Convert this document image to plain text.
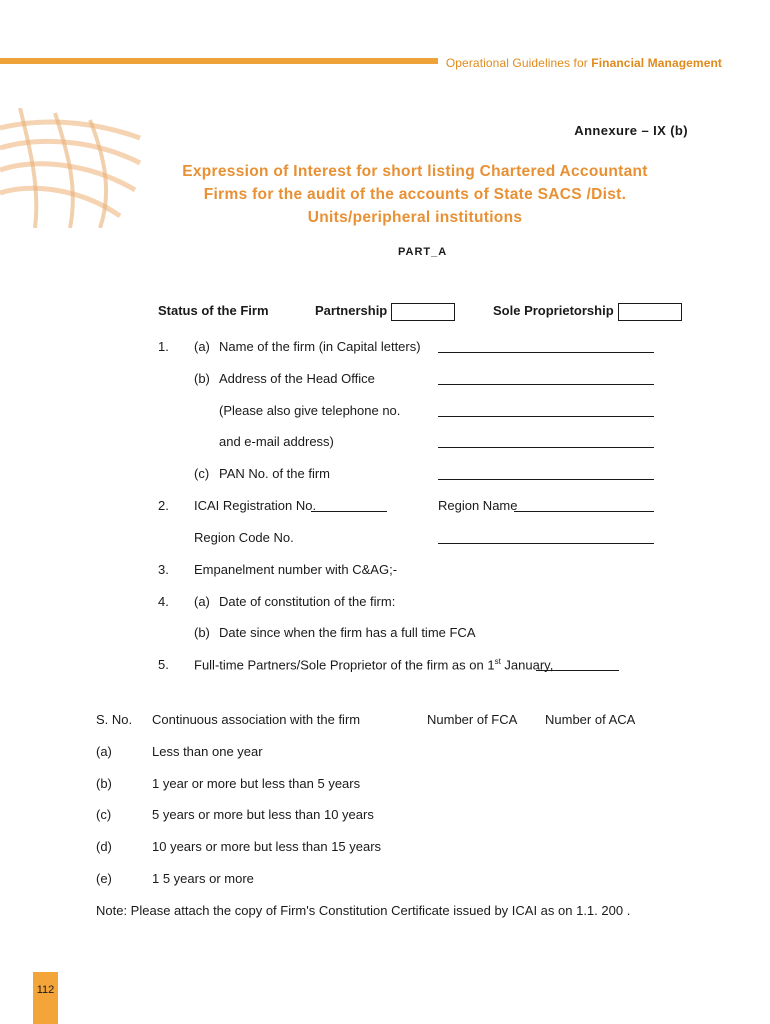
Operational Guidelines for Financial Management
Annexure – IX (b)
Expression of Interest for short listing Chartered Accountant
Firms for the audit of the accounts of State SACS /Dist.
Units/peripheral institutions
PART_A
Status of the Firm	Partnership	Sole Proprietorship
1. (a) Name of the firm (in Capital letters)
(b) Address of the Head Office
(Please also give telephone no.
and e-mail address)
(c) PAN No. of the firm
2. ICAI Registration No.	Region Name
Region Code No.
3. Empanelment number with C&AG;-
4. (a) Date of constitution of the firm:
(b) Date since when the firm has a full time FCA
5. Full-time Partners/Sole Proprietor of the firm as on 1st January,
S. No. Continuous association with the firm	Number of FCA Number of ACA
(a)	Less than one year
(b)	1 year or more but less than 5 years
(c)	5 years or more but less than 10 years
(d)	10 years or more but less than 15 years
(e)	1 5 years or more
Note: Please attach the copy of Firm's Constitution Certificate issued by ICAI as on 1.1. 200 .
112
